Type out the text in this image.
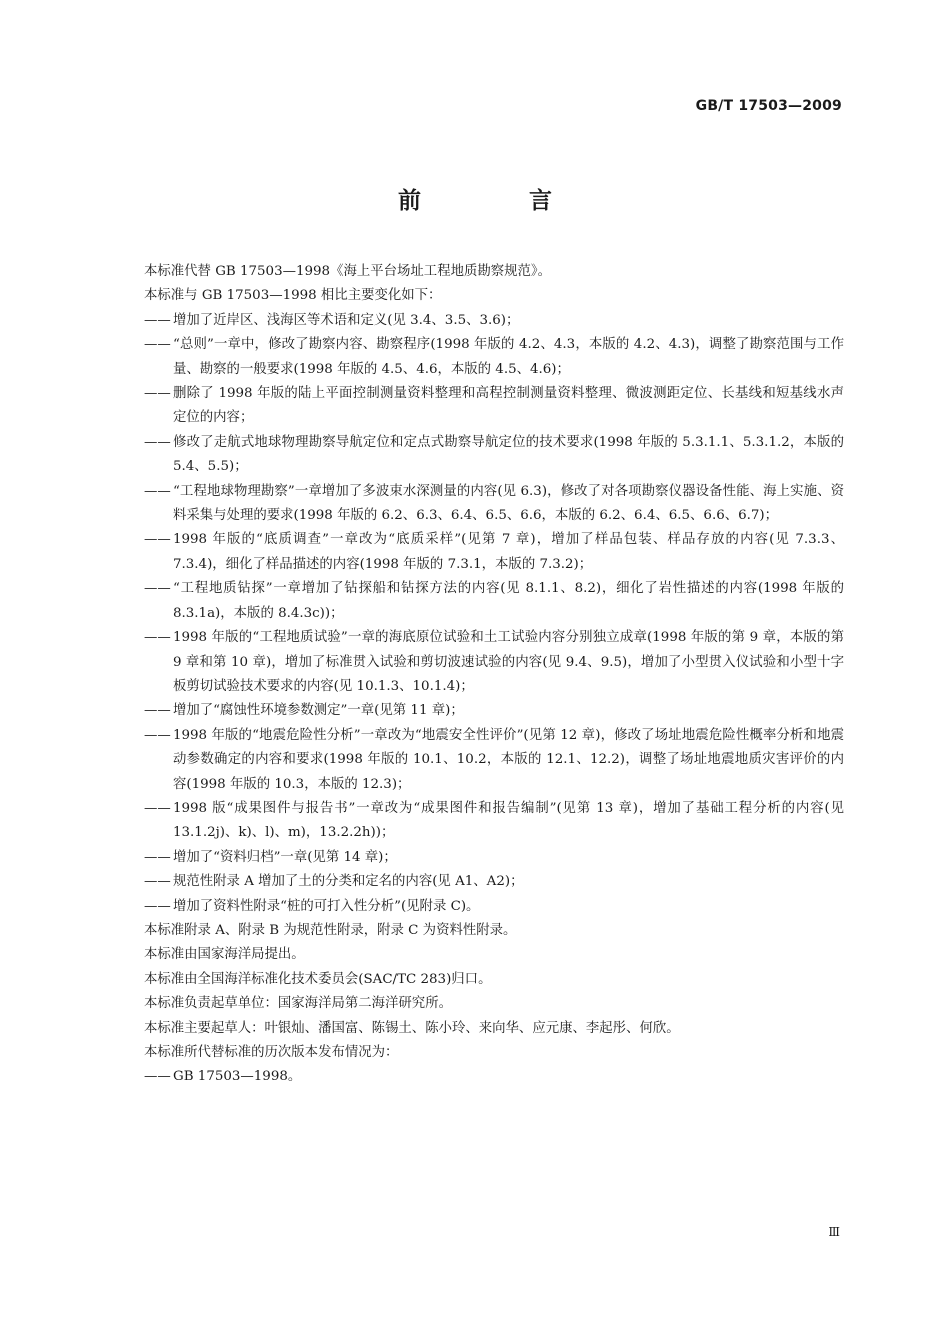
GB/T 17503—2009
前 言

本标准代替 GB 17503—1998《海上平台场址工程地质勘察规范》。

本标准与 GB 17503—1998 相比主要变化如下：

—— 增加了近岸区、浅海区等术语和定义(见 3.4、3.5、3.6)；
—— “总则”一章中，修改了勘察内容、勘察程序(1998 年版的 4.2、4.3，本版的 4.2、4.3)，调整了勘察范围与工作量、勘察的一般要求(1998 年版的 4.5、4.6，本版的 4.5、4.6)；
—— 删除了 1998 年版的陆上平面控制测量资料整理和高程控制测量资料整理、微波测距定位、长基线和短基线水声定位的内容；
—— 修改了走航式地球物理勘察导航定位和定点式勘察导航定位的技术要求(1998 年版的 5.3.1.1、5.3.1.2，本版的 5.4、5.5)；
—— “工程地球物理勘察”一章增加了多波束水深测量的内容(见 6.3)，修改了对各项勘察仪器设备性能、海上实施、资料采集与处理的要求(1998 年版的 6.2、6.3、6.4、6.5、6.6，本版的 6.2、6.4、6.5、6.6、6.7)；
—— 1998 年版的“底质调查”一章改为“底质采样”(见第 7 章)，增加了样品包装、样品存放的内容(见 7.3.3、7.3.4)，细化了样品描述的内容(1998 年版的 7.3.1，本版的 7.3.2)；
—— “工程地质钻探”一章增加了钻探船和钻探方法的内容(见 8.1.1、8.2)，细化了岩性描述的内容(1998 年版的 8.3.1a)，本版的 8.4.3c))；
—— 1998 年版的“工程地质试验”一章的海底原位试验和土工试验内容分别独立成章(1998 年版的第 9 章，本版的第 9 章和第 10 章)，增加了标准贯入试验和剪切波速试验的内容(见 9.4、9.5)，增加了小型贯入仪试验和小型十字板剪切试验技术要求的内容(见 10.1.3、10.1.4)；
—— 增加了“腐蚀性环境参数测定”一章(见第 11 章)；
—— 1998 年版的“地震危险性分析”一章改为“地震安全性评价”(见第 12 章)，修改了场址地震危险性概率分析和地震动参数确定的内容和要求(1998 年版的 10.1、10.2，本版的 12.1、12.2)，调整了场址地震地质灾害评价的内容(1998 年版的 10.3，本版的 12.3)；
—— 1998 版“成果图件与报告书”一章改为“成果图件和报告编制”(见第 13 章)，增加了基础工程分析的内容(见 13.1.2j)、k)、l)、m)，13.2.2h))；
—— 增加了“资料归档”一章(见第 14 章)；
—— 规范性附录 A 增加了土的分类和定名的内容(见 A1、A2)；
—— 增加了资料性附录“桩的可打入性分析”(见附录 C)。

本标准附录 A、附录 B 为规范性附录，附录 C 为资料性附录。

本标准由国家海洋局提出。

本标准由全国海洋标准化技术委员会(SAC/TC 283)归口。

本标准负责起草单位：国家海洋局第二海洋研究所。

本标准主要起草人：叶银灿、潘国富、陈锡土、陈小玲、来向华、应元康、李起彤、何欣。

本标准所代替标准的历次版本发布情况为：

—— GB 17503—1998。
Ⅲ
